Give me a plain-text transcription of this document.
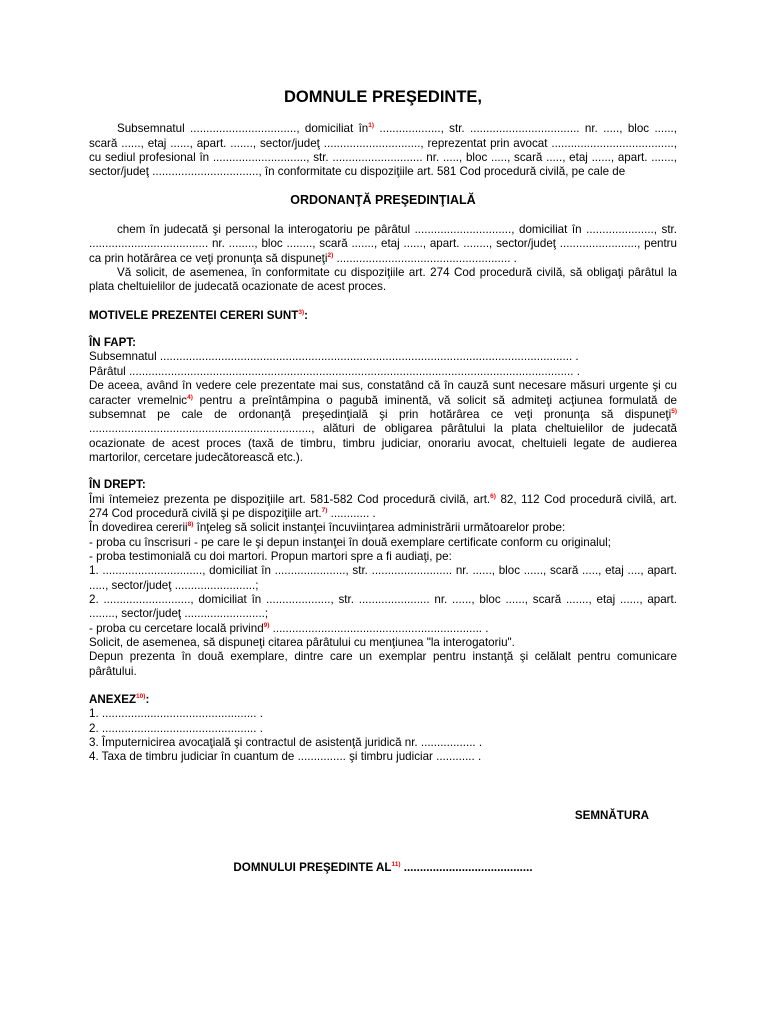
DOMNULE PREŞEDINTE,

Subsemnatul ................................., domiciliat $în^{1)}$ ..................., str. .................................. nr. ....., bloc ......, scară ......, etaj ......, apart. ......., sector/judeţ .............................., reprezentat prin avocat ......................................, cu sediul profesional în ............................., str. ............................ nr. ....., bloc ....., scară ....., etaj ......, apart. ......., sector/judeţ ................................., în conformitate cu dispoziţiile art. 581 Cod procedură civilă, pe cale de

ORDONANŢĂ PREŞEDINŢIALĂ

chem în judecată şi personal la interogatoriu pe pârâtul .............................., domiciliat în ....................., str. ..................................... nr. ........, bloc ........, scară ......., etaj ......, apart. ........, sector/judeţ ........................, pentru ca prin hotărârea ce veţi pronunţa să dispuneţi$^{2)}$ ...................................................... .

Vă solicit, de asemenea, în conformitate cu dispoziţiile art. 274 Cod procedură civilă, să obligaţi pârâtul la plata cheltuielilor de judecată ocazionate de acest proces.

MOTIVELE PREZENTEI CERERI SUNT$^{3)}$:

ÎN FAPT:

Subsemnatul ................................................................................................................................ .

Pârâtul .......................................................................................................................................... .

De aceea, având în vedere cele prezentate mai sus, constatând că în cauză sunt necesare măsuri urgente şi cu caracter vremelnic$^{4)}$ pentru a preîntâmpina o pagubă iminentă, vă solicit să admiteţi acţiunea formulată de subsemnat pe cale de ordonanţă preşedinţială şi prin hotărârea ce veţi pronunţa să dispuneţi$^{5)}$ ....................................................................., alături de obligarea pârâtului la plata cheltuielilor de judecată ocazionate de acest proces (taxă de timbru, timbru judiciar, onorariu avocat, cheltuieli legate de audierea martorilor, cercetare judecătorească etc.).

ÎN DREPT:

Îmi întemeiez prezenta pe dispoziţiile art. 581-582 Cod procedură civilă, art.$^{6)}$ 82, 112 Cod procedură civilă, art. 274 Cod procedură civilă şi pe dispoziţiile art.$^{7)}$ ............ .

În dovedirea cererii$^{8)}$ înţeleg să solicit instanţei încuviinţarea administrării următoarelor probe:

- proba cu înscrisuri - pe care le şi depun instanţei în două exemplare certificate conform cu originalul;

- proba testimonială cu doi martori. Propun martori spre a fi audiaţi, pe:

1. ..............................., domiciliat în ......................, str. ......................... nr. ......, bloc ......, scară ....., etaj ...., apart. ....., sector/judeţ .........................;

2. ..........................., domiciliat în ...................., str. ...................... nr. ......, bloc ......, scară ......., etaj ......, apart. ........, sector/judeţ .........................;

- proba cu cercetare locală privind$^{9)}$ ................................................................. .

Solicit, de asemenea, să dispuneţi citarea pârâtului cu menţiunea "la interogatoriu".

Depun prezenta în două exemplare, dintre care un exemplar pentru instanţă şi celălalt pentru comunicare pârâtului.

ANEXEZ$^{10)}$:

1. ................................................ .

2. ................................................ .

3. Împuternicirea avocaţială şi contractul de asistenţă juridică nr. ................. .

4. Taxa de timbru judiciar în cuantum de ............... şi timbru judiciar ............ .

SEMNĂTURA

DOMNULUI PREŞEDINTE AL$^{11)}$ ........................................
